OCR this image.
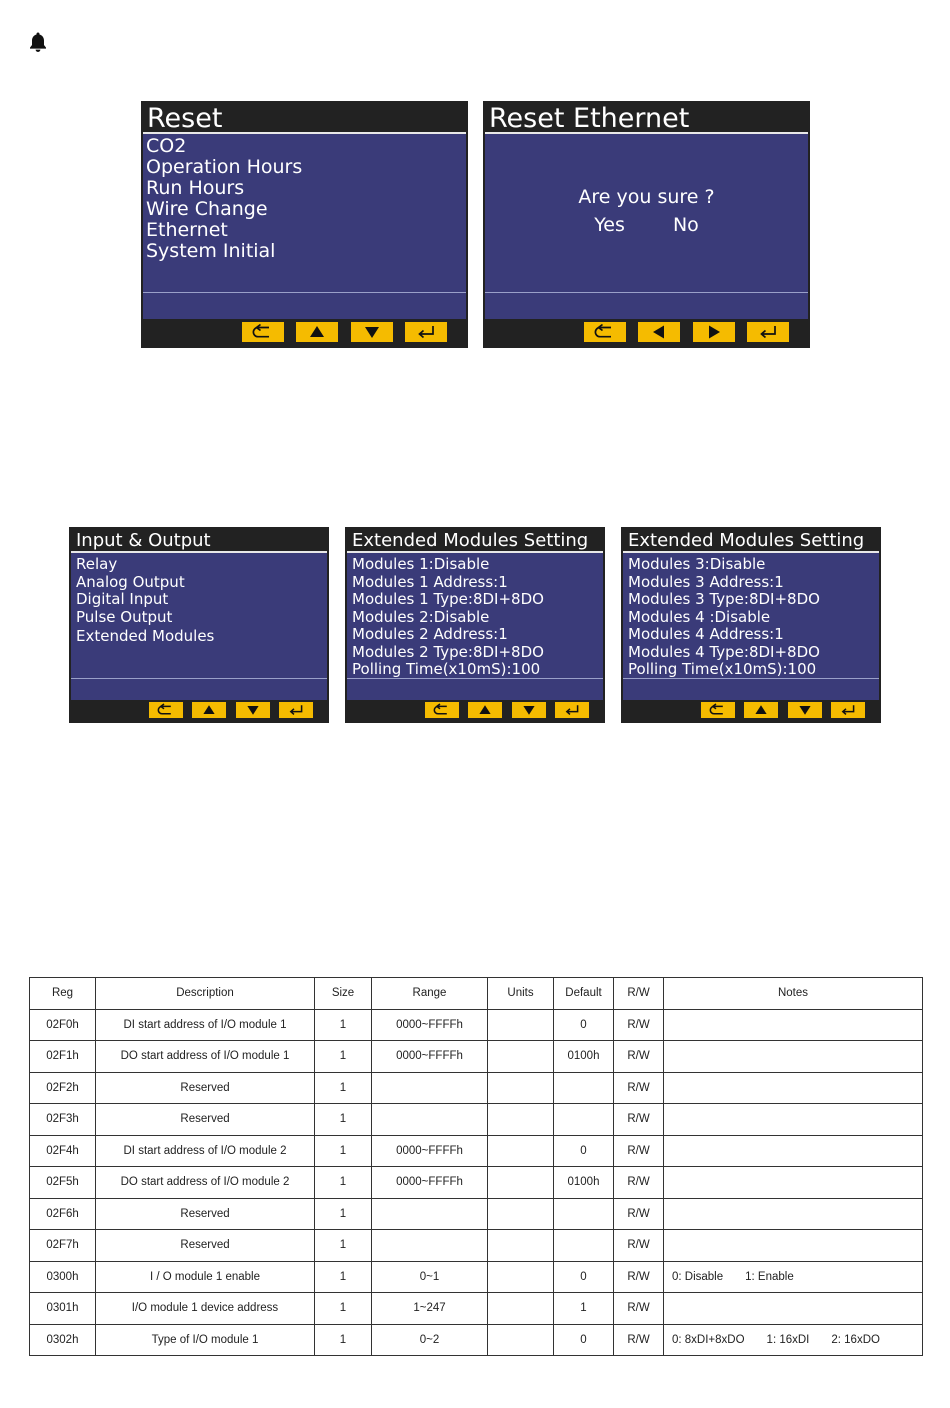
Reset
CO2
Operation Hours
Run Hours
Wire Change
Ethernet
System Initial
Reset Ethernet
Are you sure ?
Yes	No
Input & Output
Relay
Analog Output
Digital Input
Pulse Output
Extended Modules
Extended Modules Setting
Modules 1:Disable
Modules 1 Address:1
Modules 1 Type:8DI+8DO
Modules 2:Disable
Modules 2 Address:1
Modules 2 Type:8DI+8DO
Polling Time(x10mS):100
Extended Modules Setting
Modules 3:Disable
Modules 3 Address:1
Modules 3 Type:8DI+8DO
Modules 4 :Disable
Modules 4 Address:1
Modules 4 Type:8DI+8DO
Polling Time(x10mS):100
Reg	Description	Size	Range	Units	Default	R/W	Notes
02F0h	DI start address of I/O module 1	1	0000~FFFFh		0	R/W	
02F1h	DO start address of I/O module 1	1	0000~FFFFh		0100h	R/W	
02F2h	Reserved	1				R/W	
02F3h	Reserved	1				R/W	
02F4h	DI start address of I/O module 2	1	0000~FFFFh		0	R/W	
02F5h	DO start address of I/O module 2	1	0000~FFFFh		0100h	R/W	
02F6h	Reserved	1				R/W	
02F7h	Reserved	1				R/W	
0300h	I / O module 1 enable	1	0~1		0	R/W	0: Disable 1: Enable
0301h	I/O module 1 device address	1	1~247		1	R/W	
0302h	Type of I/O module 1	1	0~2		0	R/W	0: 8xDI+8xDO 1: 16xDI 2: 16xDO
